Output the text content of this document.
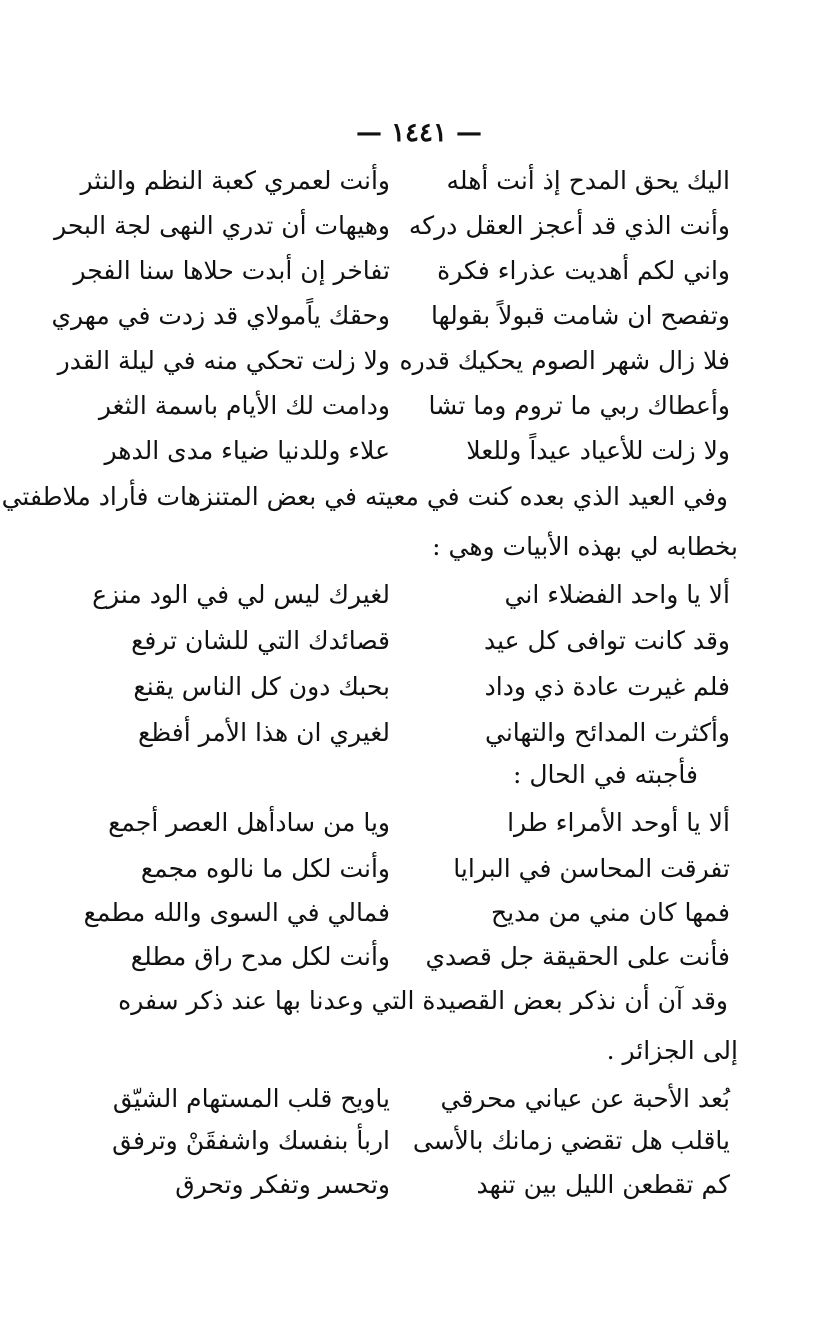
— ١٤٤١ —
اليك يحق المدح إذ أنت أهله
وأنت لعمري كعبة النظم والنثر
وأنت الذي قد أعجز العقل دركه
وهيهات أن تدري النهى لجة البحر
واني لكم أهديت عذراء فكرة
تفاخر إن أبدت حلاها سنا الفجر
وتفصح ان شامت قبولاً بقولها
وحقك ياًمولاي قد زدت في مهري
فلا زال شهر الصوم يحكيك قدره
ولا زلت تحكي منه في ليلة القدر
وأعطاك ربي ما تروم وما تشا
ودامت لك الأيام باسمة الثغر
ولا زلت للأعياد عيداً وللعلا
علاء وللدنيا ضياء مدى الدهر
وفي العيد الذي بعده كنت في معيته في بعض المتنزهات فأراد ملاطفتي
بخطابه لي بهذه الأبيات وهي :
ألا يا واحد الفضلاء اني
لغيرك ليس لي في الود منزع
وقد كانت توافى كل عيد
قصائدك التي للشان ترفع
فلم غيرت عادة ذي وداد
بحبك دون كل الناس يقنع
وأكثرت المدائح والتهاني
لغيري ان هذا الأمر أفظع
فأجبته في الحال :
ألا يا أوحد الأمراء طرا
ويا من سادأهل العصر أجمع
تفرقت المحاسن في البرايا
وأنت لكل ما نالوه مجمع
فمها كان مني من مديح
فمالي في السوى والله مطمع
فأنت على الحقيقة جل قصدي
وأنت لكل مدح راق مطلع
وقد آن أن نذكر بعض القصيدة التي وعدنا بها عند ذكر سفره
إلى الجزائر .
بُعد الأحبة عن عياني محرقي
ياويح قلب المستهام الشيّق
ياقلب هل تقضي زمانك بالأسى
اربأ بنفسك واشفقَنْ وترفق
كم تقطعن الليل بين تنهد
وتحسر وتفكر وتحرق
